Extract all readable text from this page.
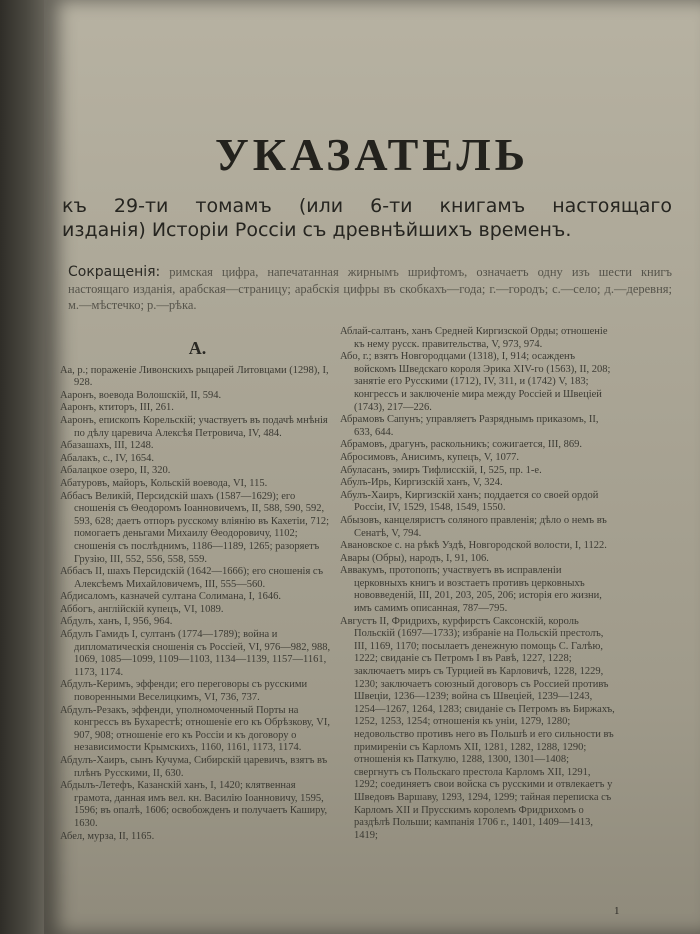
УКАЗАТЕЛЬ
къ 29-ти томамъ (или 6-ти книгамъ настоящаго
изданія) Исторіи Россіи съ древнѣйшихъ временъ.
Сокращенія: римская цифра, напечатанная жирнымъ шрифтомъ, означаетъ одну изъ шести книгъ настоящаго изданія, арабская—страницу; арабскія цифры въ скобкахъ—года; г.—городъ; с.—село; д.—деревня; м.—мѣстечко; р.—рѣка.
А.

Аа, р.; пораженіе Ливонскихъ рыцарей Литовцами (1298), I, 928.

Ааронъ, воевода Волошскій, II, 594.

Ааронъ, ктиторъ, III, 261.

Ааронъ, епископъ Корельскій; участвуетъ въ подачѣ мнѣнія по дѣлу царевича Алексѣя Петровича, IV, 484.

Абазашахъ, III, 1248.

Абалакъ, с., IV, 1654.

Абалацкое озеро, II, 320.

Абатуровъ, майоръ, Кольскій воевода, VI, 115.

Аббасъ Великій, Персидскій шахъ (1587—1629); его сношенія съ Θеодоромъ Іоанновичемъ, II, 588, 590, 592, 593, 628; даетъ отпоръ русскому вліянію въ Кахетіи, 712; помогаетъ деньгами Михаилу Θеодоровичу, 1102; сношенія съ послѣднимъ, 1186—1189, 1265; разоряетъ Грузію, III, 552, 556, 558, 559.

Аббасъ II, шахъ Персидскій (1642—1666); его сношенія съ Алексѣемъ Михайловичемъ, III, 555—560.

Абдисаломъ, казначей султана Солимана, I, 1646.

Аббогъ, англійскій купецъ, VI, 1089.

Абдулъ, ханъ, I, 956, 964.

Абдулъ Гамидъ I, султанъ (1774—1789); война и дипломатическія сношенія съ Россіей, VI, 976—982, 988, 1069, 1085—1099, 1109—1103, 1134—1139, 1157—1161, 1173, 1174.

Абдулъ-Керимъ, эффенди; его переговоры съ русскими поворенными Веселицкимъ, VI, 736, 737.

Абдулъ-Резакъ, эффенди, уполномоченный Порты на конгрессъ въ Бухарестѣ; отношеніе его къ Обрѣзкову, VI, 907, 908; отношеніе его къ Россіи и къ договору о независимости Крымскихъ, 1160, 1161, 1173, 1174.

Абдулъ-Хаиръ, сынъ Кучума, Сибирскій царевичъ, взятъ въ плѣнъ Русскими, II, 630.

Абдылъ-Летефъ, Казанскій ханъ, I, 1420; клятвенная грамота, данная имъ вел. кн. Василію Іоанновичу, 1595, 1596; въ опалѣ, 1606; освобожденъ и получаетъ Каширу, 1630.

Абел, мурза, II, 1165.

Аблай-салтанъ, ханъ Средней Киргизской Орды; отношеніе къ нему русск. правительства, V, 973, 974.

Або, г.; взятъ Новгородцами (1318), I, 914; осажденъ войскомъ Шведскаго короля Эрика XIV-го (1563), II, 208; занятіе его Русскими (1712), IV, 311, и (1742) V, 183; конгрессъ и заключеніе мира между Россіей и Швеціей (1743), 217—226.

Абрамовъ Сапунъ; управляетъ Разряднымъ приказомъ, II, 633, 644.

Абрамовъ, драгунъ, раскольникъ; сожигается, III, 869.

Абросимовъ, Анисимъ, купецъ, V, 1077.

Абуласанъ, эмиръ Тифлисскій, I, 525, пр. 1-е.

Абулъ-Ирь, Киргизскій ханъ, V, 324.

Абулъ-Хаиръ, Киргизскій ханъ; поддается со своей ордой Россіи, IV, 1529, 1548, 1549, 1550.

Абызовъ, канцеляристъ соляного правленія; дѣло о немъ въ Сенатѣ, V, 794.

Авановское с. на рѣкѣ Уздѣ, Новгородской волости, I, 1122.

Авары (Обры), народъ, I, 91, 106.

Аввакумъ, протопопъ; участвуетъ въ исправленіи церковныхъ книгъ и возстаетъ противъ церковныхъ нововведеній, III, 201, 203, 205, 206; исторія его жизни, имъ самимъ описанная, 787—795.

Августъ II, Фридрихъ, курфирстъ Саксонскій, король Польскій (1697—1733); избраніе на Польскій престолъ, III, 1169, 1170; посылаетъ денежную помощь С. Галѣю, 1222; свиданіе съ Петромъ I въ Равѣ, 1227, 1228; заключаетъ миръ съ Турцией въ Карловичѣ, 1228, 1229, 1230; заключаетъ союзный договоръ съ Россией противъ Швеціи, 1236—1239; война съ Швеціей, 1239—1243, 1254—1267, 1264, 1283; свиданіе съ Петромъ въ Биржахъ, 1252, 1253, 1254; отношенія къ уніи, 1279, 1280; недовольство противъ него въ Польшѣ и его сильности въ примиреніи съ Карломъ XII, 1281, 1282, 1288, 1290; отношенія къ Паткулю, 1288, 1300, 1301—1408; свергнутъ съ Польскаго престола Карломъ XII, 1291, 1292; соединяетъ свои войска съ русскими и отвлекаетъ у Шведовъ Варшаву, 1293, 1294, 1299; тайная переписка съ Карломъ XII и Прусскимъ королемъ Фридрихомъ о раздѣлѣ Польши; кампанія 1706 г., 1401, 1409—1413, 1419;

1
